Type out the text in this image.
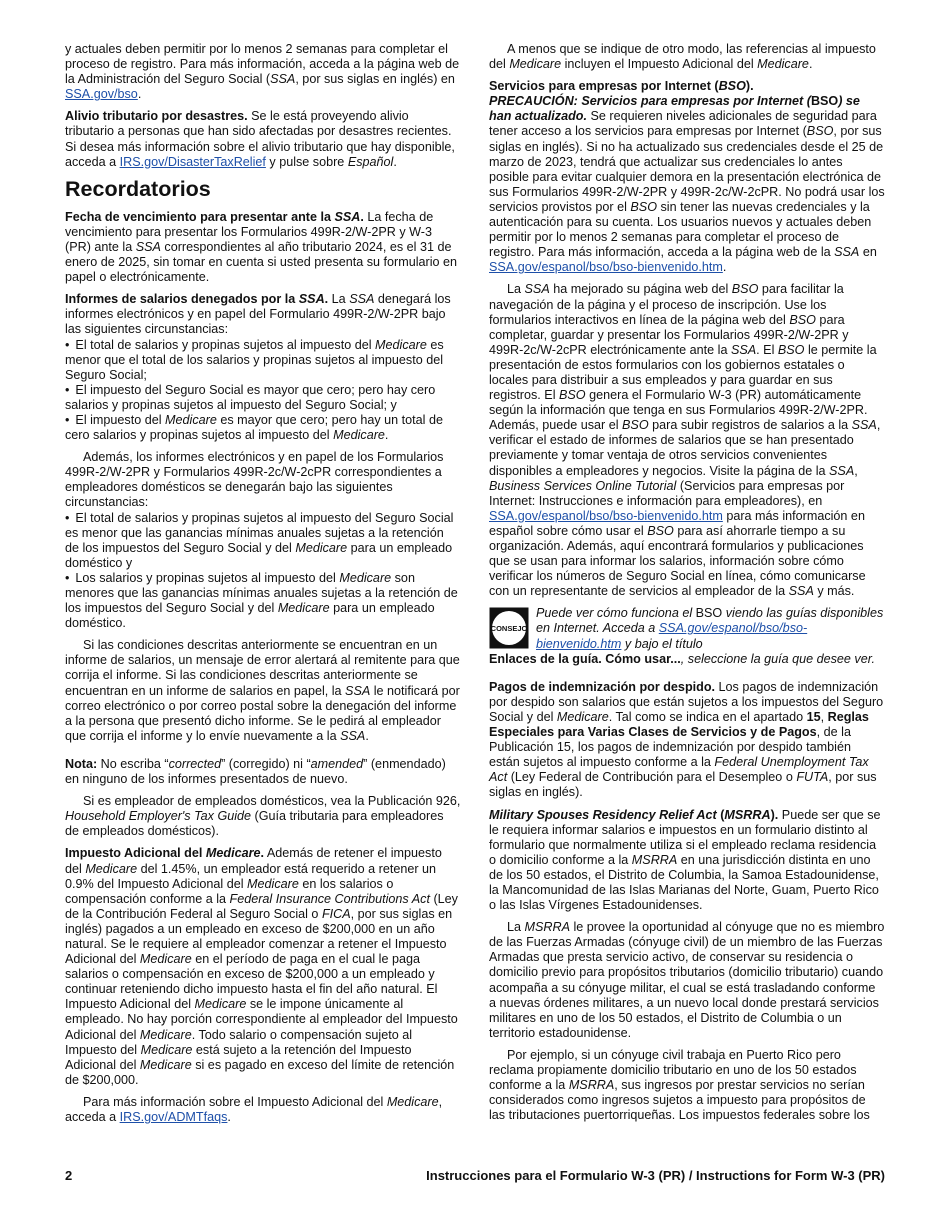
y actuales deben permitir por lo menos 2 semanas para completar el proceso de registro. Para más información, acceda a la página web de la Administración del Seguro Social (SSA, por sus siglas en inglés) en SSA.gov/bso.

Alivio tributario por desastres. Se le está proveyendo alivio tributario a personas que han sido afectadas por desastres recientes. Si desea más información sobre el alivio tributario que hay disponible, acceda a IRS.gov/DisasterTaxRelief y pulse sobre Español.

Recordatorios

Fecha de vencimiento para presentar ante la SSA. La fecha de vencimiento para presentar los Formularios 499R-2/W-2PR y W-3 (PR) ante la SSA correspondientes al año tributario 2024, es el 31 de enero de 2025, sin tomar en cuenta si usted presenta su formulario en papel o electrónicamente.

Informes de salarios denegados por la SSA. La SSA denegará los informes electrónicos y en papel del Formulario 499R-2/W-2PR bajo las siguientes circunstancias:

• El total de salarios y propinas sujetos al impuesto del Medicare es menor que el total de los salarios y propinas sujetos al impuesto del Seguro Social;
• El impuesto del Seguro Social es mayor que cero; pero hay cero salarios y propinas sujetos al impuesto del Seguro Social; y

• El impuesto del Medicare es mayor que cero; pero hay un total de cero salarios y propinas sujetos al impuesto del Medicare.

Además, los informes electrónicos y en papel de los Formularios 499R-2/W-2PR y Formularios 499R-2c/W-2cPR correspondientes a empleadores domésticos se denegarán bajo las siguientes circunstancias:

• El total de salarios y propinas sujetos al impuesto del Seguro Social es menor que las ganancias mínimas anuales sujetas a la retención de los impuestos del Seguro Social y del Medicare para un empleado doméstico y

• Los salarios y propinas sujetos al impuesto del Medicare son menores que las ganancias mínimas anuales sujetas a la retención de los impuestos del Seguro Social y del Medicare para un empleado doméstico.

Si las condiciones descritas anteriormente se encuentran en un informe de salarios, un mensaje de error alertará al remitente para que corrija el informe. Si las condiciones descritas anteriormente se encuentran en un informe de salarios en papel, la SSA le notificará por correo electrónico o por correo postal sobre la denegación del informe a la persona que presentó dicho informe. Se le pedirá al empleador que corrija el informe y lo envíe nuevamente a la SSA.

Nota: No escriba “corrected” (corregido) ni “amended” (enmendado) en ninguno de los informes presentados de nuevo.

Si es empleador de empleados domésticos, vea la Publicación 926, Household Employer's Tax Guide (Guía tributaria para empleadores de empleados domésticos).

Impuesto Adicional del Medicare. Además de retener el impuesto del Medicare del 1.45%, un empleador está requerido a retener un 0.9% del Impuesto Adicional del Medicare en los salarios o compensación conforme a la Federal Insurance Contributions Act (Ley de la Contribución Federal al Seguro Social o FICA, por sus siglas en inglés) pagados a un empleado en exceso de $200,000 en un año natural. Se le requiere al empleador comenzar a retener el Impuesto Adicional del Medicare en el período de paga en el cual le paga salarios o compensación en exceso de $200,000 a un empleado y continuar reteniendo dicho impuesto hasta el fin del año natural. El Impuesto Adicional del Medicare se le impone únicamente al empleado. No hay porción correspondiente al empleador del Impuesto Adicional del Medicare. Todo salario o compensación sujeto al Impuesto del Medicare está sujeto a la retención del Impuesto Adicional del Medicare si es pagado en exceso del límite de retención de $200,000.

Para más información sobre el Impuesto Adicional del Medicare, acceda a IRS.gov/ADMTfaqs.

A menos que se indique de otro modo, las referencias al impuesto del Medicare incluyen el Impuesto Adicional del Medicare.

Servicios para empresas por Internet (BSO).

PRECAUCIÓN: Servicios para empresas por Internet (BSO) se han actualizado. Se requieren niveles adicionales de seguridad para tener acceso a los servicios para empresas por Internet (BSO, por sus siglas en inglés). Si no ha actualizado sus credenciales desde el 25 de marzo de 2023, tendrá que actualizar sus credenciales lo antes posible para evitar cualquier demora en la presentación electrónica de sus Formularios 499R-2/W-2PR y 499R-2c/W-2cPR. No podrá usar los servicios provistos por el BSO sin tener las nuevas credenciales y la autenticación para su cuenta. Los usuarios nuevos y actuales deben permitir por lo menos 2 semanas para completar el proceso de registro. Para más información, acceda a la página web de la SSA en SSA.gov/espanol/bso/bso-bienvenido.htm.

La SSA ha mejorado su página web del BSO para facilitar la navegación de la página y el proceso de inscripción. Use los formularios interactivos en línea de la página web del BSO para completar, guardar y presentar los Formularios 499R-2/W-2PR y 499R-2c/W-2cPR electrónicamente ante la SSA. El BSO le permite la presentación de estos formularios con los gobiernos estatales o locales para distribuir a sus empleados y para guardar en sus registros. El BSO genera el Formulario W-3 (PR) automáticamente según la información que tenga en sus Formularios 499R-2/W-2PR. Además, puede usar el BSO para subir registros de salarios a la SSA, verificar el estado de informes de salarios que se han presentado previamente y tomar ventaja de otros servicios convenientes disponibles a empleadores y negocios. Visite la página de la SSA, Business Services Online Tutorial (Servicios para empresas por Internet: Instrucciones e información para empleadores), en SSA.gov/espanol/bso/bso-bienvenido.htm para más información en español sobre cómo usar el BSO para así ahorrarle tiempo a su organización. Además, aquí encontrará formularios y publicaciones que se usan para informar los salarios, información sobre cómo verificar los números de Seguro Social en línea, cómo comunicarse con un representante de servicios al empleador de la SSA y más.

CONSEJO
Puede ver cómo funciona el BSO viendo las guías disponibles en Internet. Acceda a SSA.gov/espanol/bso/bso-bienvenido.htm y bajo el título
Enlaces de la guía. Cómo usar..., seleccione la guía que desee ver.

Pagos de indemnización por despido. Los pagos de indemnización por despido son salarios que están sujetos a los impuestos del Seguro Social y del Medicare. Tal como se indica en el apartado 15, Reglas Especiales para Varias Clases de Servicios y de Pagos, de la Publicación 15, los pagos de indemnización por despido también están sujetos al impuesto conforme a la Federal Unemployment Tax Act (Ley Federal de Contribución para el Desempleo o FUTA, por sus siglas en inglés).

Military Spouses Residency Relief Act (MSRRA). Puede ser que se le requiera informar salarios e impuestos en un formulario distinto al formulario que normalmente utiliza si el empleado reclama residencia o domicilio conforme a la MSRRA en una jurisdicción distinta en uno de los 50 estados, el Distrito de Columbia, la Samoa Estadounidense, la Mancomunidad de las Islas Marianas del Norte, Guam, Puerto Rico o las Islas Vírgenes Estadounidenses.

La MSRRA le provee la oportunidad al cónyuge que no es miembro de las Fuerzas Armadas (cónyuge civil) de un miembro de las Fuerzas Armadas que presta servicio activo, de conservar su residencia o domicilio previo para propósitos tributarios (domicilio tributario) cuando acompaña a su cónyuge militar, el cual se está trasladando conforme a nuevas órdenes militares, a un nuevo local donde prestará servicios militares en uno de los 50 estados, el Distrito de Columbia o un territorio estadounidense.

Por ejemplo, si un cónyuge civil trabaja en Puerto Rico pero reclama propiamente domicilio tributario en uno de los 50 estados conforme a la MSRRA, sus ingresos por prestar servicios no serían considerados como ingresos sujetos a impuesto para propósitos de las tributaciones puertorriqueñas. Los impuestos federales sobre los

2	Instrucciones para el Formulario W-3 (PR) / Instructions for Form W-3 (PR)
